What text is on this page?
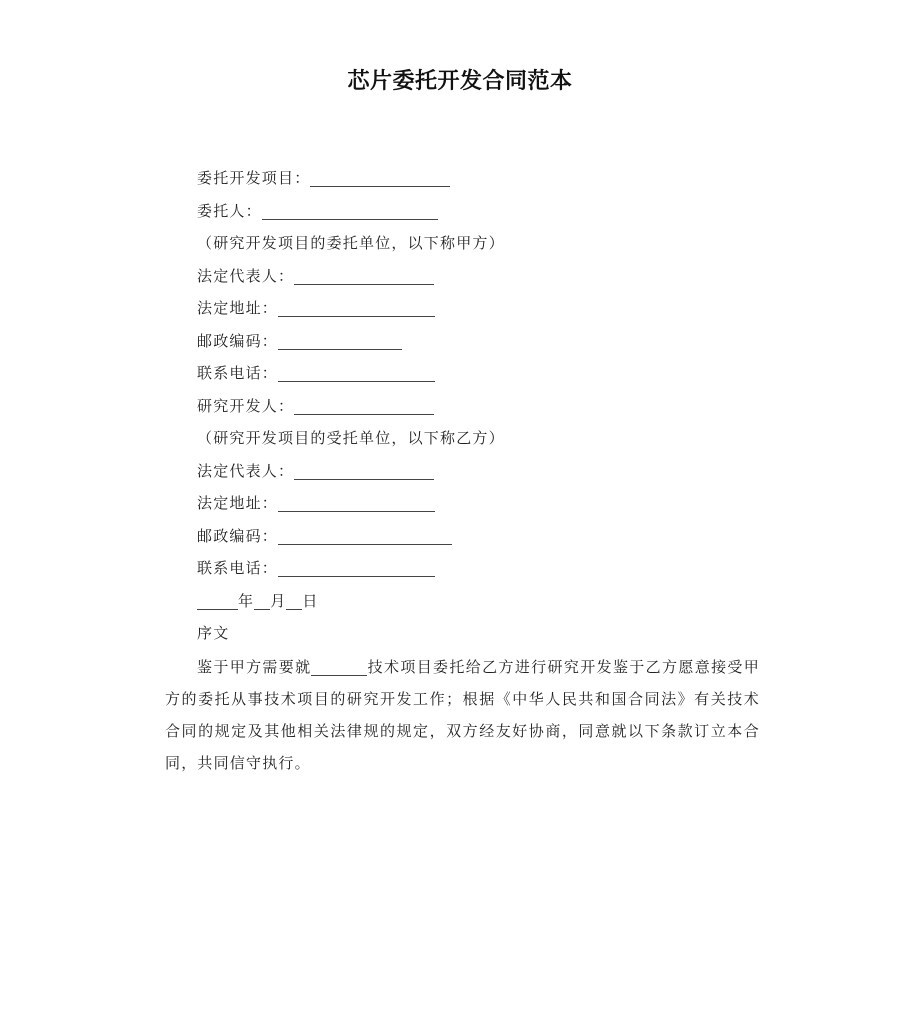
芯片委托开发合同范本
委托开发项目：
委托人：
（研究开发项目的委托单位，以下称甲方）
法定代表人：
法定地址：
邮政编码：
联系电话：
研究开发人：
（研究开发项目的受托单位，以下称乙方）
法定代表人：
法定地址：
邮政编码：
联系电话：
年 月 日
序文
鉴于甲方需要就	技术项目委托给乙方进行研究开发鉴于乙方愿意接受甲方的委托从事技术项目的研究开发工作；根据《中华人民共和国合同法》有关技术合同的规定及其他相关法律规的规定，双方经友好协商，同意就以下条款订立本合同，共同信守执行。
